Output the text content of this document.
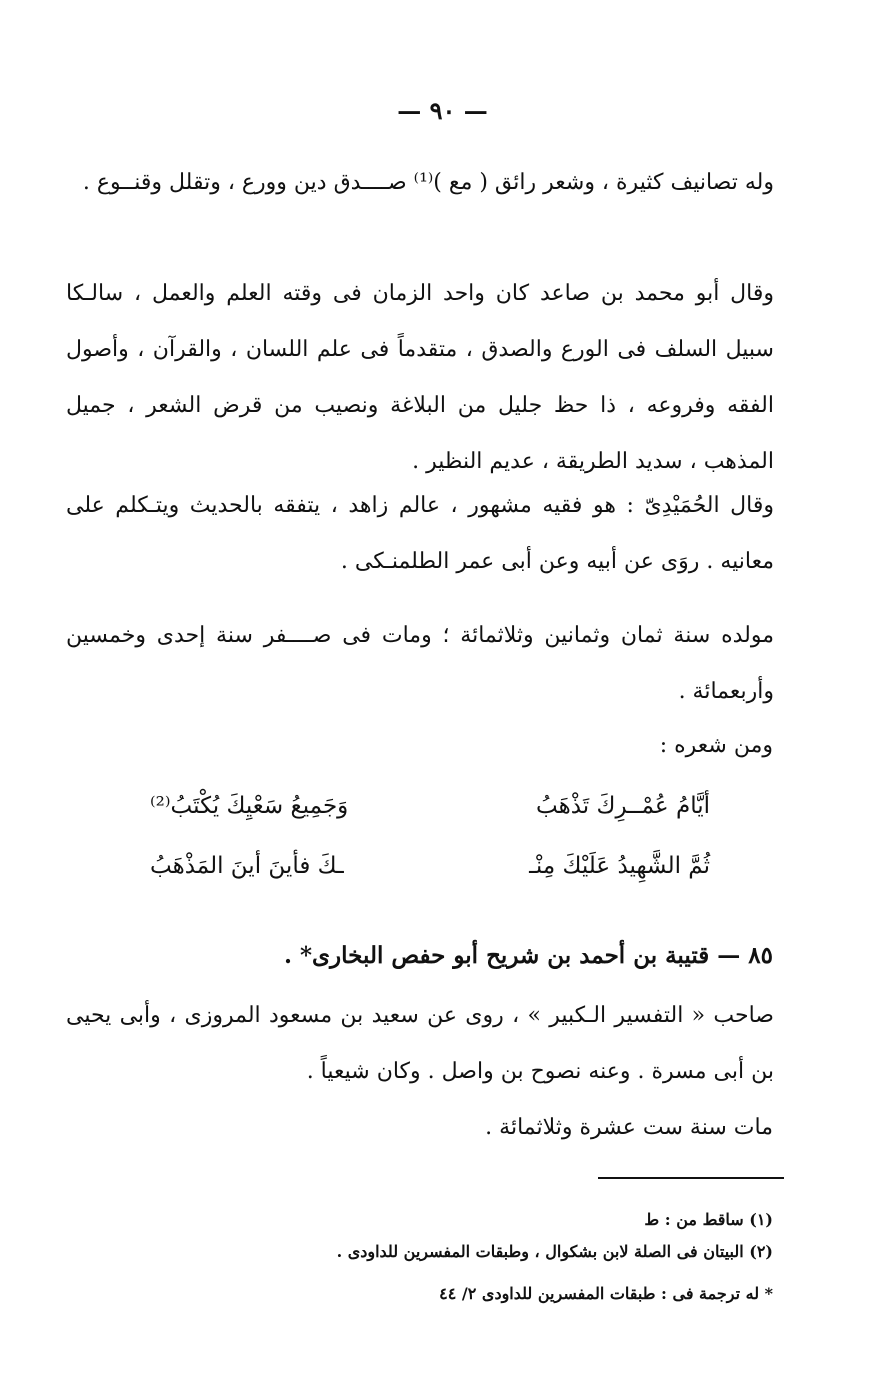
— ٩٠ —
وله تصانيف كثيرة ، وشعر رائق ( مع )⁽¹⁾ صــــدق دين وورع ، وتقلل وقنــوع .
وقال أبو محمد بن صاعد كان واحد الزمان فى وقته العلم والعمل ، سالـكا سبيل السلف فى الورع والصدق ، متقدماً فى علم اللسان ، والقرآن ، وأصول الفقه وفروعه ، ذا حظ جليل من البلاغة ونصيب من قرض الشعر ، جميل المذهب ، سديد الطريقة ، عديم النظير .
وقال الحُمَيْدِىّ : هو فقيه مشهور ، عالم زاهد ، يتفقه بالحديث ويتـكلم على معانيه . روَى عن أبيه وعن أبى عمر الطلمنـكى .
مولده سنة ثمان وثمانين وثلاثمائة ؛ ومات فى صــــفر سنة إحدى وخمسين وأربعمائة .
ومن شعره :
أيَّامُ عُمْــرِكَ تَذْهَبُ
وَجَمِيعُ سَعْيِكَ يُكْتَبُ⁽²⁾
ثُمَّ الشَّهِيدُ عَلَيْكَ مِنْـ
ـكَ فأينَ أينَ المَذْهَبُ
٨٥ — قتيبة بن أحمد بن شريح أبو حفص البخارى* .
صاحب « التفسير الـكبير » ، روى عن سعيد بن مسعود المروزى ، وأبى يحيى بن أبى مسرة . وعنه نصوح بن واصل . وكان شيعياً .
مات سنة ست عشرة وثلاثمائة .
(١) ساقط من : ط
(٢) البيتان فى الصلة لابن بشكوال ، وطبقات المفسرين للداودى .
* له ترجمة فى : طبقات المفسرين للداودى ٢/ ٤٤
